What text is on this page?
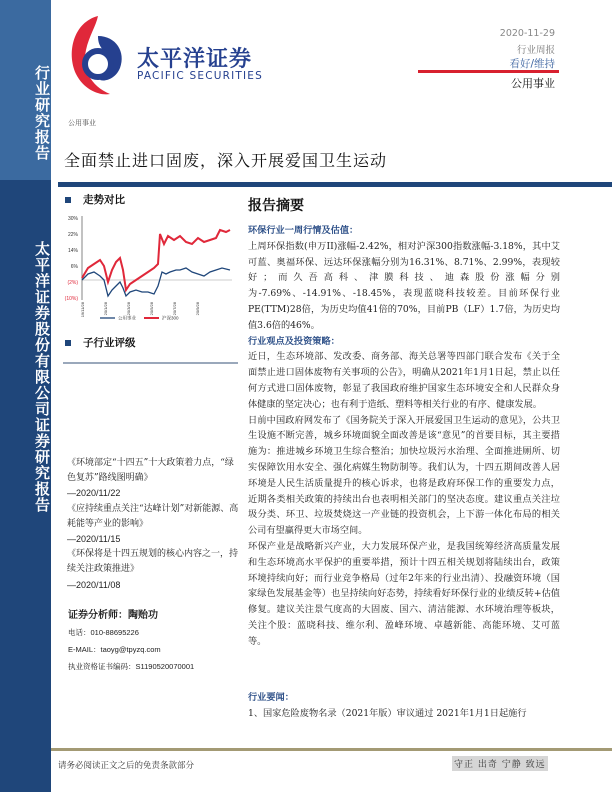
行业研究报告
太平洋证券股份有限公司证券研究报告
太平洋证券
PACIFIC SECURITIES
2020-11-29
行业周报
看好/维持
公用事业
公用事业
全面禁止进口固废，深入开展爱国卫生运动
走势对比
30%
22%
14%
6%
(2%)
(10%)
19/11/28	20/1/28	20/3/28	20/5/28	20/7/28	20/9/28
公用事业	沪深300
子行业评级
《环境部定“十四五”十大政策着力点，“绿色复苏”路线图明确》
—2020/11/22
《应持续重点关注“达峰计划”对新能源、高耗能等产业的影响》
—2020/11/15
《环保将是十四五规划的核心内容之一，持续关注政策推进》
—2020/11/08
证券分析师：陶贻功
电话：010-88695226
E-MAIL：taoyg@tpyzq.com
执业资格证书编码：S1190520070001
报告摘要
环保行业一周行情及估值：

上周环保指数(申万II)涨幅-2.42%，相对沪深300指数涨幅-3.18%，其中艾可蓝、奥福环保、远达环保涨幅分别为16.31%、8.71%、2.99%，表现较好；而久吾高科、津膜科技、迪森股份涨幅分别为-7.69%、-14.91%、-18.45%，表现蓝晓科技较差。目前环保行业PE(TTM)28倍，为历史均值41倍的70%，目前PB（LF）1.7倍，为历史均值3.6倍的46%。

行业观点及投资策略：

近日，生态环境部、发改委、商务部、海关总署等四部门联合发布《关于全面禁止进口固体废物有关事项的公告》，明确从2021年1月1日起，禁止以任何方式进口固体废物，彰显了我国政府维护国家生态环境安全和人民群众身体健康的坚定决心；也有利于造纸、塑料等相关行业的有序、健康发展。

日前中国政府网发布了《国务院关于深入开展爱国卫生运动的意见》，公共卫生设施不断完善，城乡环境面貌全面改善是该“意见”的首要目标，其主要措施为：推进城乡环境卫生综合整治；加快垃圾污水治理、全面推进厕所、切实保障饮用水安全、强化病媒生物防制等。我们认为，十四五期间改善人居环境是人民生活质量提升的核心诉求，也将是政府环保工作的重要发力点，近期各类相关政策的持续出台也表明相关部门的坚决态度。建议重点关注垃圾分类、环卫、垃圾焚烧这一产业链的投资机会，上下游一体化布局的相关公司有望赢得更大市场空间。

环保产业是战略新兴产业，大力发展环保产业，是我国统筹经济高质量发展和生态环境高水平保护的重要举措，预计十四五相关规划将陆续出台，政策环境持续向好；而行业竞争格局（过年2年来的行业出清）、投融资环境（国家绿色发展基金等）也呈持续向好态势，持续看好环保行业的业绩反转+估值修复。建议关注景气度高的大固废、国六、清洁能源、水环境治理等板块，关注个股：蓝晓科技、维尔利、盈峰环境、卓越新能、高能环境、艾可蓝等。

行业要闻：
1、国家危险废物名录（2021年版）审议通过 2021年1月1日起施行
请务必阅读正文之后的免责条款部分	守正 出奇 宁静 致远
